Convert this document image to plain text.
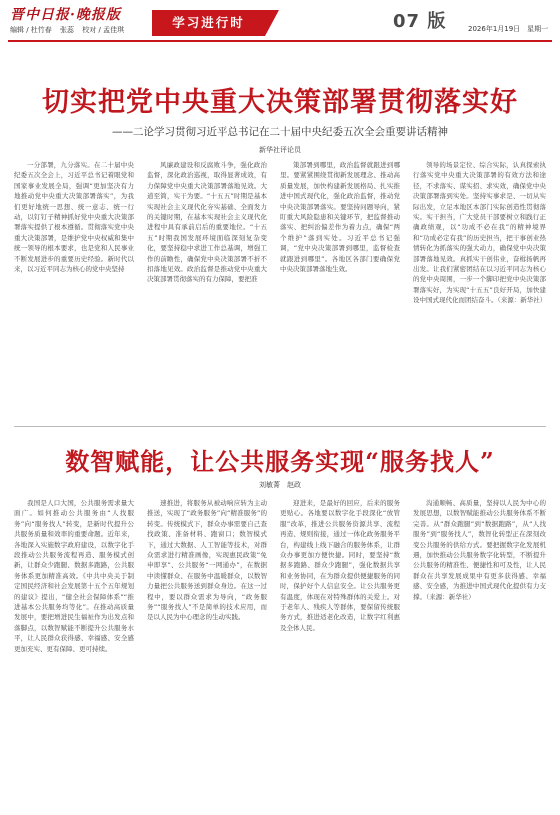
晋中日报·晚报版
编辑 / 杜竹春 张蕊 校对 / 孟佳琪	学习进行时	07 版	2026年1月19日　星期一
切实把党中央重大决策部署贯彻落实好
——二论学习贯彻习近平总书记在二十届中央纪委五次全会重要讲话精神
新华社评论员

一分部署，九分落实。在二十届中央纪委五次全会上，习近平总书记着眼党和国家事业发展全局，强调“更加坚决有力地推动党中央重大决策部署落实”，为我们更好地统一思想、统一意志、统一行动，以钉钉子精神抓好党中央重大决策部署落实提供了根本遵循。贯彻落实党中央重大决策部署，是维护党中央权威和集中统一领导的根本要求，也是党和人民事业不断发展进步的重要历史经验。新时代以来，以习近平同志为核心的党中央坚持

风廉政建设和反腐败斗争，强化政治监督，深化政治巡视，取得显著成效，有力保障党中央重大决策部署落地见效。大道至简，实干为要。“十五五”时期是基本实现社会主义现代化夯实基础、全面发力的关键时期，在基本实现社会主义现代化进程中具有承前启后的重要地位。“十五五”时期我国发展环境面临深刻复杂变化，要坚持稳中求进工作总基调，增强工作的前瞻性，确保党中央决策部署不折不扣落地见效。政治监督是推动党中央重大决策部署贯彻落实的有力保障，要把准

策部署到哪里，政治监督就跟进到哪里。要紧紧围绕贯彻新发展理念、推动高质量发展，加快构建新发展格局、扎实推进中国式现代化，强化政治监督，推动党中央决策部署落实。要坚持问题导向，紧盯重大风险隐患和关键环节，把监督推动落实、把纠治偏差作为着力点，确保“两个维护”落到实处。习近平总书记强调，“党中央决策部署到哪里，监督检查就跟进到哪里”。各地区各部门要确保党中央决策部署落地生效。

领导的场景定位、综合实际，认真探索执行落实党中央重大决策部署的有效方法和途径，不求落实、谋实招、求实效，确保党中央决策部署落到实处。坚持实事求是、一切从实际出发，立足本地区本部门实际创造性贯彻落实。实干担当，广大党员干部要树立和践行正确政绩观，以“功成不必在我”的精神境界和“功成必定有我”的历史担当，把干事创业热情转化为抓落实的强大动力，确保党中央决策部署落地见效。真抓实干创伟业，奋楫扬帆再出发。让我们紧密团结在以习近平同志为核心的党中央周围，一步一个脚印把党中央决策部署落实好，为实现“十五五”良好开局，加快建设中国式现代化而团结奋斗。（来源：新华社）

数智赋能，让公共服务实现“服务找人”
刘敏菁　赵政

我国是人口大国，公共服务需求量大面广。如何推动公共服务由“人找服务”向“服务找人”转变，是新时代提升公共服务质量和效率的重要命题。近年来，各地深入实施数字政府建设，以数字化手段推动公共服务流程再造、服务模式创新，让群众少跑腿、数据多跑路，公共服务体系更加精准高效。《中共中央关于制定国民经济和社会发展第十五个五年规划的建议》提出，“健全社会保障体系”“推进基本公共服务均等化”。在推动高质量发展中，要把增进民生福祉作为出发点和落脚点，以数智赋能不断提升公共服务水平，让人民群众获得感、幸福感、安全感更加充实、更有保障、更可持续。

速推进，将服务从被动响应转为主动推送，实现了“政务服务”向“精准服务”的转变。传统模式下，群众办事需要自己查找政策、准备材料、跑窗口；数智模式下，通过大数据、人工智能等技术，对群众需求进行精准画像，实现惠民政策“免申即享”、公共服务“一网通办”，在数据中读懂群众、在服务中温暖群众，以数智力量把公共服务送到群众身边。在这一过程中，要以群众需求为导向，“政务服务”“服务找人”不是简单的技术应用，而是以人民为中心理念的生动实践。

迎进来，是最好的回应，后来的服务更贴心。各地要以数字化手段深化“放管服”改革，推进公共服务资源共享、流程再造、规则衔接，通过一体化政务服务平台，构建线上线下融合的服务体系，让群众办事更加方便快捷。同时，要坚持“数据多跑路、群众少跑腿”，强化数据共享和业务协同，在为群众提供便捷服务的同时，保护好个人信息安全。让公共服务更有温度，体现在对特殊群体的关爱上。对于老年人、残疾人等群体，要保留传统服务方式，推进适老化改造，让数字红利惠及全体人民。

沟通顺畅、高质量，坚持以人民为中心的发展思想，以数智赋能推动公共服务体系不断完善。从“群众跑腿”到“数据跑路”，从“人找服务”到“服务找人”，数智化转型正在深刻改变公共服务的供给方式。要把握数字化发展机遇，加快推动公共服务数字化转型，不断提升公共服务的精准性、便捷性和可及性，让人民群众在共享发展成果中有更多获得感、幸福感、安全感，为推进中国式现代化提供有力支撑。（来源：新华社）
